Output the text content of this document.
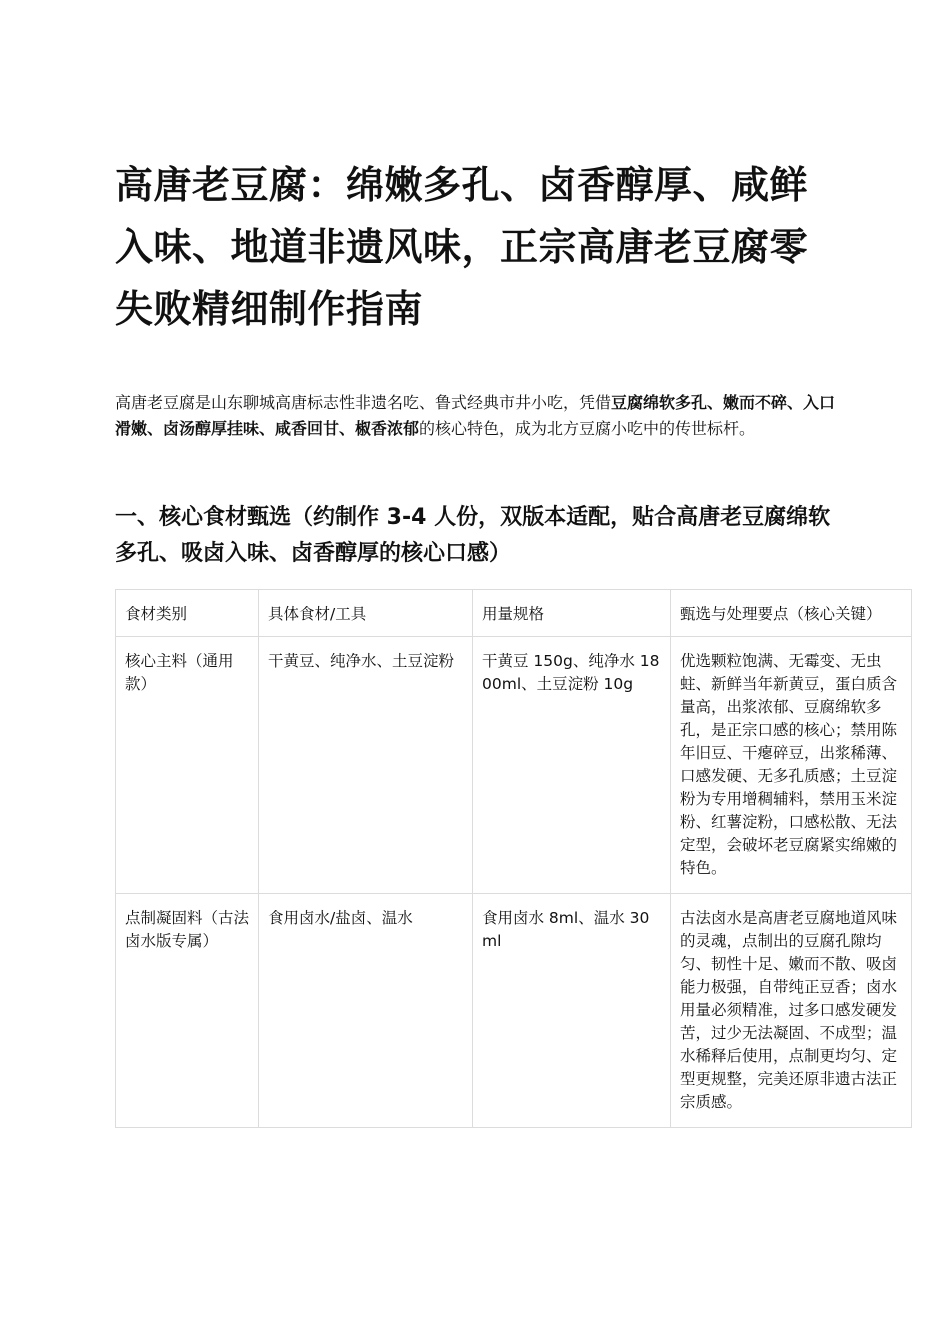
高唐老豆腐：绵嫩多孔、卤香醇厚、咸鲜入味、地道非遗风味，正宗高唐老豆腐零失败精细制作指南

高唐老豆腐是山东聊城高唐标志性非遗名吃、鲁式经典市井小吃，凭借豆腐绵软多孔、嫩而不碎、入口滑嫩、卤汤醇厚挂味、咸香回甘、椒香浓郁的核心特色，成为北方豆腐小吃中的传世标杆。

一、核心食材甄选（约制作 3-4 人份，双版本适配，贴合高唐老豆腐绵软多孔、吸卤入味、卤香醇厚的核心口感）
食材类别	具体食材/工具	用量规格	甄选与处理要点（核心关键）
核心主料（通用款）	干黄豆、纯净水、土豆淀粉	干黄豆 150g、纯净水 1800ml、土豆淀粉 10g	优选颗粒饱满、无霉变、无虫蛀、新鲜当年新黄豆，蛋白质含量高，出浆浓郁、豆腐绵软多孔，是正宗口感的核心；禁用陈年旧豆、干瘪碎豆，出浆稀薄、口感发硬、无多孔质感；土豆淀粉为专用增稠辅料，禁用玉米淀粉、红薯淀粉，口感松散、无法定型，会破坏老豆腐紧实绵嫩的特色。
点制凝固料（古法卤水版专属）	食用卤水/盐卤、温水	食用卤水 8ml、温水 30ml	古法卤水是高唐老豆腐地道风味的灵魂，点制出的豆腐孔隙均匀、韧性十足、嫩而不散、吸卤能力极强，自带纯正豆香；卤水用量必须精准，过多口感发硬发苦，过少无法凝固、不成型；温水稀释后使用，点制更均匀、定型更规整，完美还原非遗古法正宗质感。
